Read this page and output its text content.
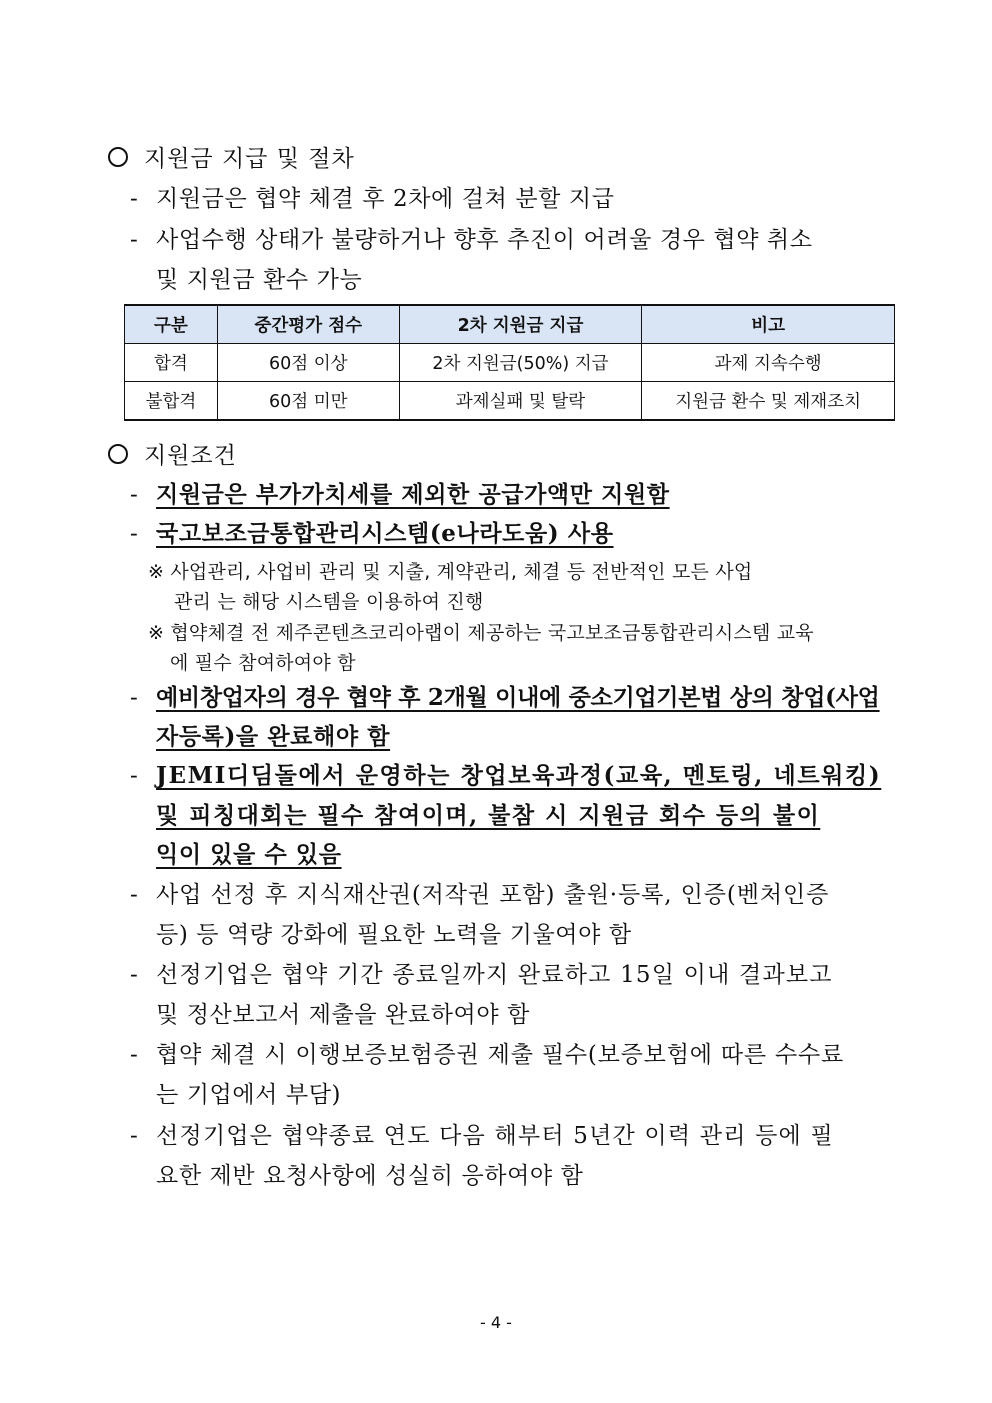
지원금 지급 및 절차
- 지원금은 협약 체결 후 2차에 걸쳐 분할 지급
- 사업수행 상태가 불량하거나 향후 추진이 어려울 경우 협약 취소
및 지원금 환수 가능
구분	중간평가 점수	2차 지원금 지급	비고
합격	60점 이상	2차 지원금(50%) 지급	과제 지속수행
불합격	60점 미만	과제실패 및 탈락	지원금 환수 및 제재조치
지원조건
- 지원금은 부가가치세를 제외한 공급가액만 지원함
- 국고보조금통합관리시스템(e나라도움) 사용
※ 사업관리, 사업비 관리 및 지출, 계약관리, 체결 등 전반적인 모든 사업
관리 는 해당 시스템을 이용하여 진행
※ 협약체결 전 제주콘텐츠코리아랩이 제공하는 국고보조금통합관리시스템 교육
에 필수 참여하여야 함
- 예비창업자의 경우 협약 후 2개월 이내에 중소기업기본법 상의 창업(사업
자등록)을 완료해야 함
- JEMI디딤돌에서 운영하는 창업보육과정(교육, 멘토링, 네트워킹)
및 피칭대회는 필수 참여이며, 불참 시 지원금 회수 등의 불이
익이 있을 수 있음
- 사업 선정 후 지식재산권(저작권 포함) 출원·등록, 인증(벤처인증
등) 등 역량 강화에 필요한 노력을 기울여야 함
- 선정기업은 협약 기간 종료일까지 완료하고 15일 이내 결과보고
및 정산보고서 제출을 완료하여야 함
- 협약 체결 시 이행보증보험증권 제출 필수(보증보험에 따른 수수료
는 기업에서 부담)
- 선정기업은 협약종료 연도 다음 해부터 5년간 이력 관리 등에 필
요한 제반 요청사항에 성실히 응하여야 함
- 4 -
